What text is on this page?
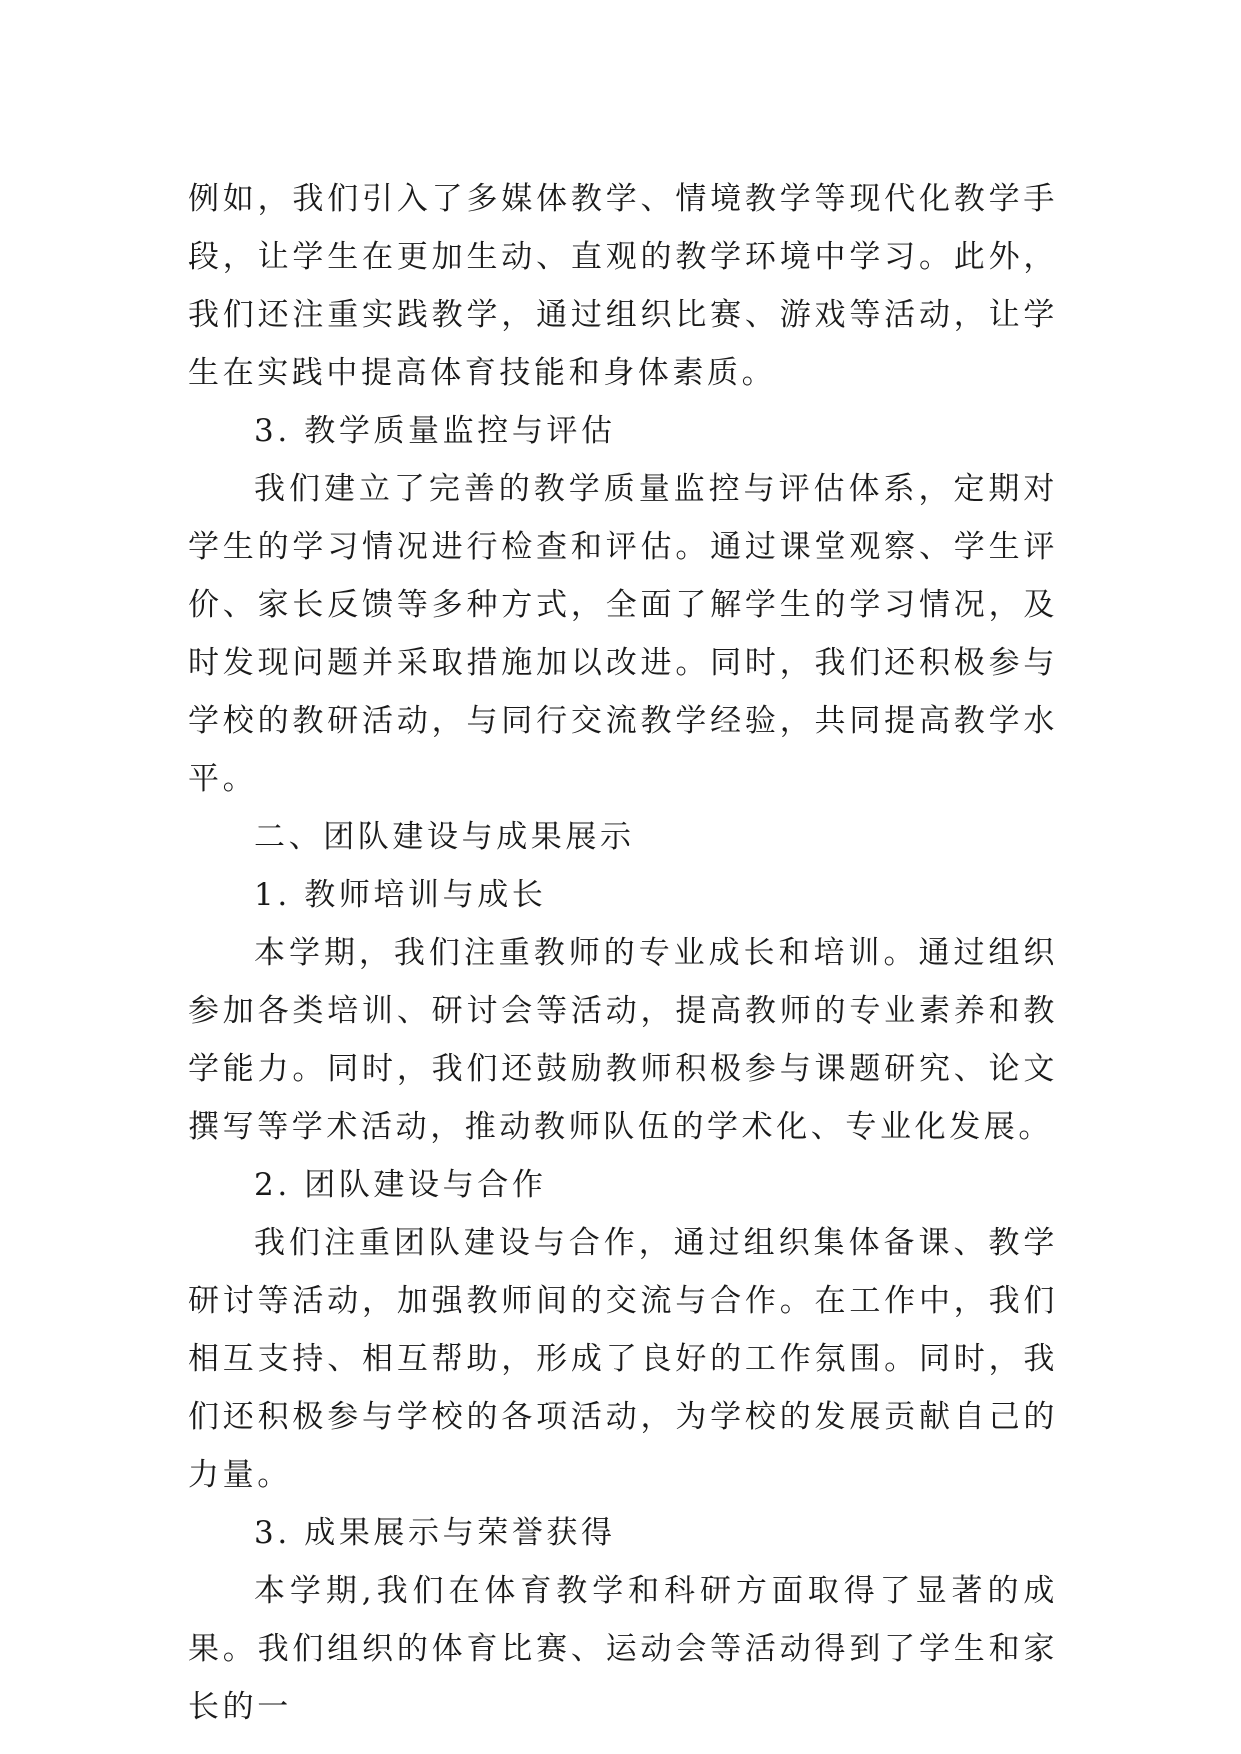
例如，我们引入了多媒体教学、情境教学等现代化教学手段，让学生在更加生动、直观的教学环境中学习。此外，我们还注重实践教学，通过组织比赛、游戏等活动，让学生在实践中提高体育技能和身体素质。

3. 教学质量监控与评估

我们建立了完善的教学质量监控与评估体系，定期对学生的学习情况进行检查和评估。通过课堂观察、学生评价、家长反馈等多种方式，全面了解学生的学习情况，及时发现问题并采取措施加以改进。同时，我们还积极参与学校的教研活动，与同行交流教学经验，共同提高教学水平。

二、团队建设与成果展示

1. 教师培训与成长

本学期，我们注重教师的专业成长和培训。通过组织参加各类培训、研讨会等活动，提高教师的专业素养和教学能力。同时，我们还鼓励教师积极参与课题研究、论文撰写等学术活动，推动教师队伍的学术化、专业化发展。

2. 团队建设与合作

我们注重团队建设与合作，通过组织集体备课、教学研讨等活动，加强教师间的交流与合作。在工作中，我们相互支持、相互帮助，形成了良好的工作氛围。同时，我们还积极参与学校的各项活动，为学校的发展贡献自己的力量。

3. 成果展示与荣誉获得

本学期,我们在体育教学和科研方面取得了显著的成果。我们组织的体育比赛、运动会等活动得到了学生和家长的一
